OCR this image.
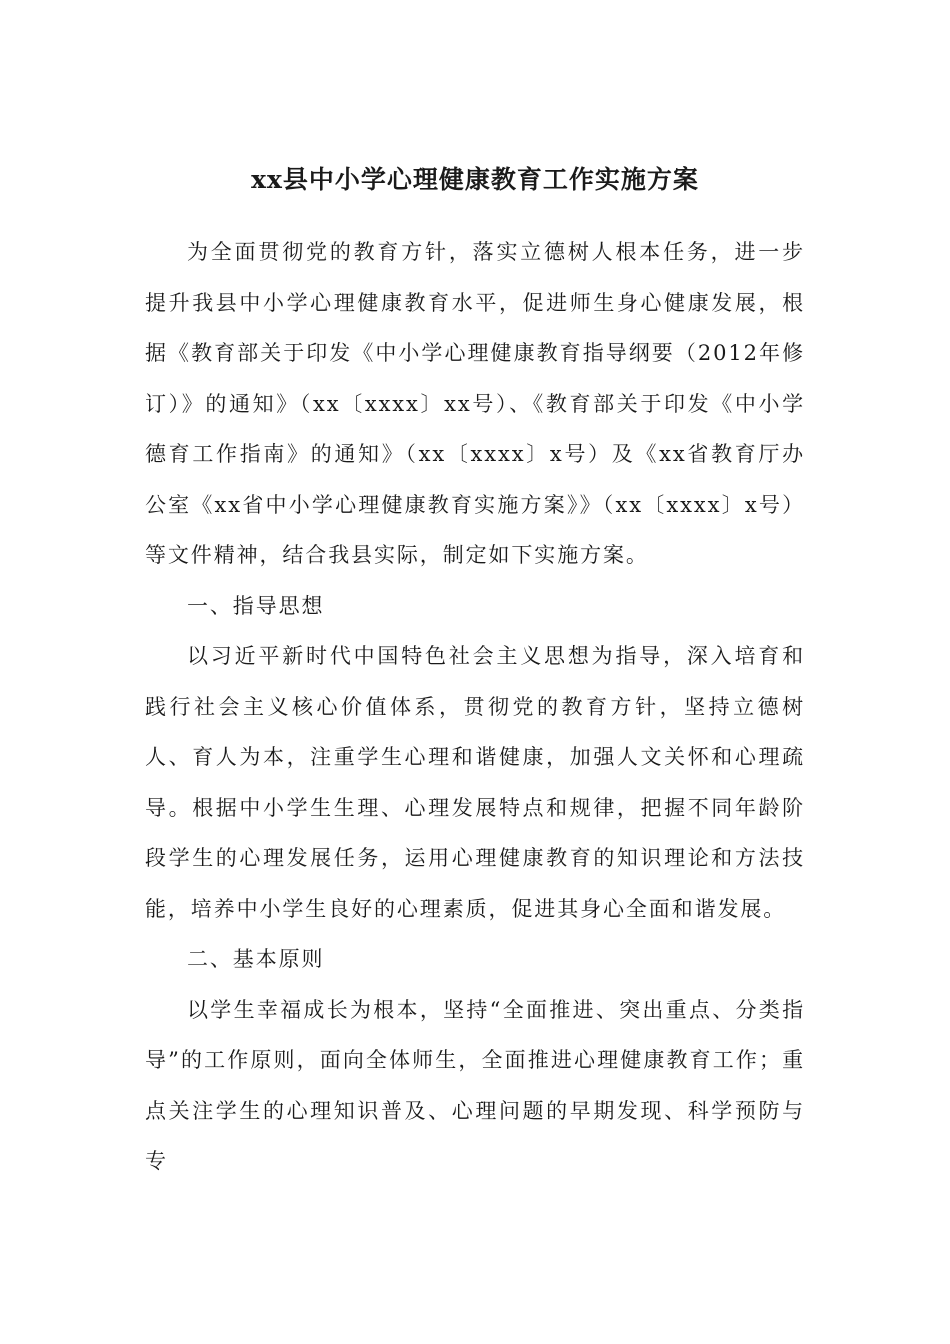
xx县中小学心理健康教育工作实施方案

为全面贯彻党的教育方针，落实立德树人根本任务，进一步提升我县中小学心理健康教育水平，促进师生身心健康发展，根据《教育部关于印发《中小学心理健康教育指导纲要（2012年修订）》的通知》（xx〔xxxx〕xx号）、《教育部关于印发《中小学德育工作指南》的通知》（xx〔xxxx〕x号）及《xx省教育厅办公室《xx省中小学心理健康教育实施方案》》（xx〔xxxx〕x号）等文件精神，结合我县实际，制定如下实施方案。

一、指导思想

以习近平新时代中国特色社会主义思想为指导，深入培育和践行社会主义核心价值体系，贯彻党的教育方针，坚持立德树人、育人为本，注重学生心理和谐健康，加强人文关怀和心理疏导。根据中小学生生理、心理发展特点和规律，把握不同年龄阶段学生的心理发展任务，运用心理健康教育的知识理论和方法技能，培养中小学生良好的心理素质，促进其身心全面和谐发展。

二、基本原则

以学生幸福成长为根本，坚持“全面推进、突出重点、分类指导”的工作原则，面向全体师生，全面推进心理健康教育工作；重点关注学生的心理知识普及、心理问题的早期发现、科学预防与专
